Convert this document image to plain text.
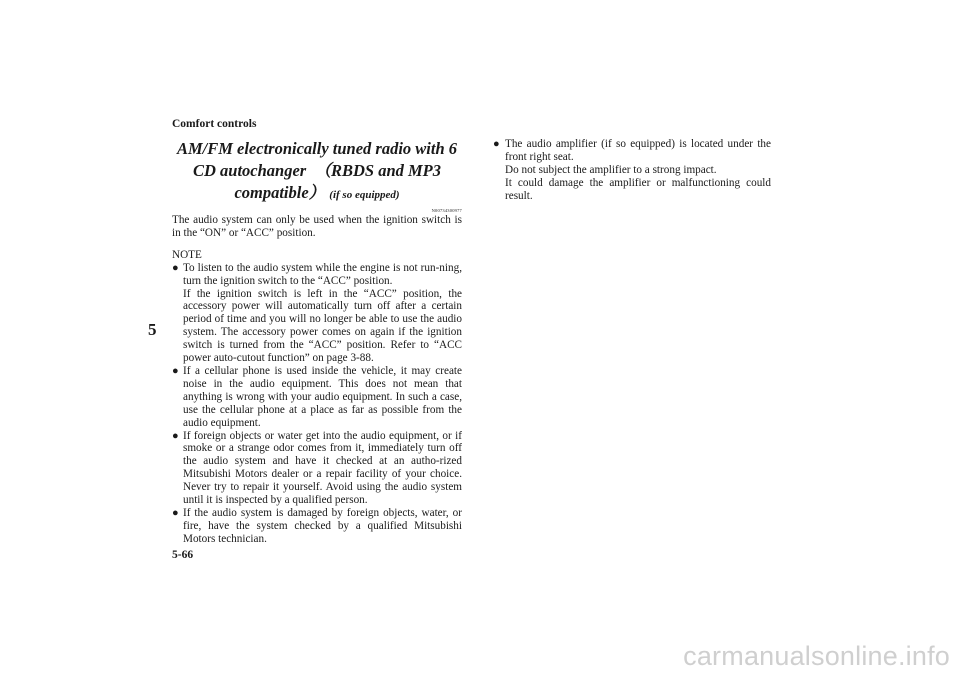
Comfort controls
5
AM/FM electronically tuned radio with 6
CD autochanger　（RBDS and MP3
compatible） (if so equipped)
N00734300977

The audio system can only be used when the ignition switch is in the “ON” or “ACC” position.

NOTE
● To listen to the audio system while the engine is not run-ning, turn the ignition switch to the “ACC” position.
If the ignition switch is left in the “ACC” position, the accessory power will automatically turn off after a certain period of time and you will no longer be able to use the audio system. The accessory power comes on again if the ignition switch is turned from the “ACC” position. Refer to “ACC power auto-cutout function” on page 3-88.
● If a cellular phone is used inside the vehicle, it may create noise in the audio equipment. This does not mean that anything is wrong with your audio equipment. In such a case, use the cellular phone at a place as far as possible from the audio equipment.
● If foreign objects or water get into the audio equipment, or if smoke or a strange odor comes from it, immediately turn off the audio system and have it checked at an autho-rized Mitsubishi Motors dealer or a repair facility of your choice. Never try to repair it yourself. Avoid using the audio system until it is inspected by a qualified person.
● If the audio system is damaged by foreign objects, water, or fire, have the system checked by a qualified Mitsubishi Motors technician.
● The audio amplifier (if so equipped) is located under the front right seat.
Do not subject the amplifier to a strong impact.
It could damage the amplifier or malfunctioning could result.
5-66
carmanualsonline.info
